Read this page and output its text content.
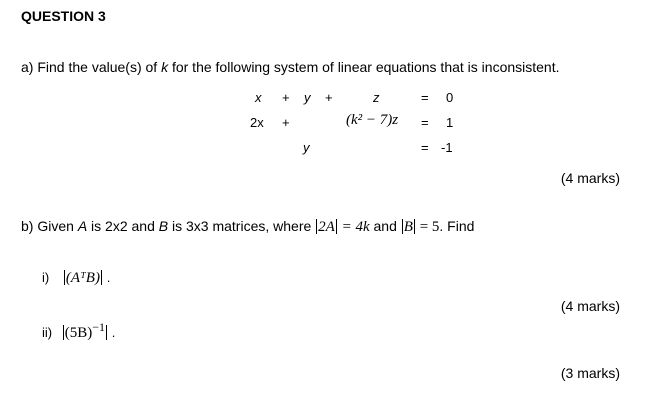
QUESTION 3
a) Find the value(s) of k for the following system of linear equations that is inconsistent.
x + y +	z	= 0
2x +	(k² − 7)z = 1
y	= -1
(4 marks)
b) Given A is 2x2 and B is 3x3 matrices, where 2A = 4k and B = 5. Find
i) (AᵀB) .
(4 marks)
ii) $(5B)^{-1}$ .
(3 marks)
